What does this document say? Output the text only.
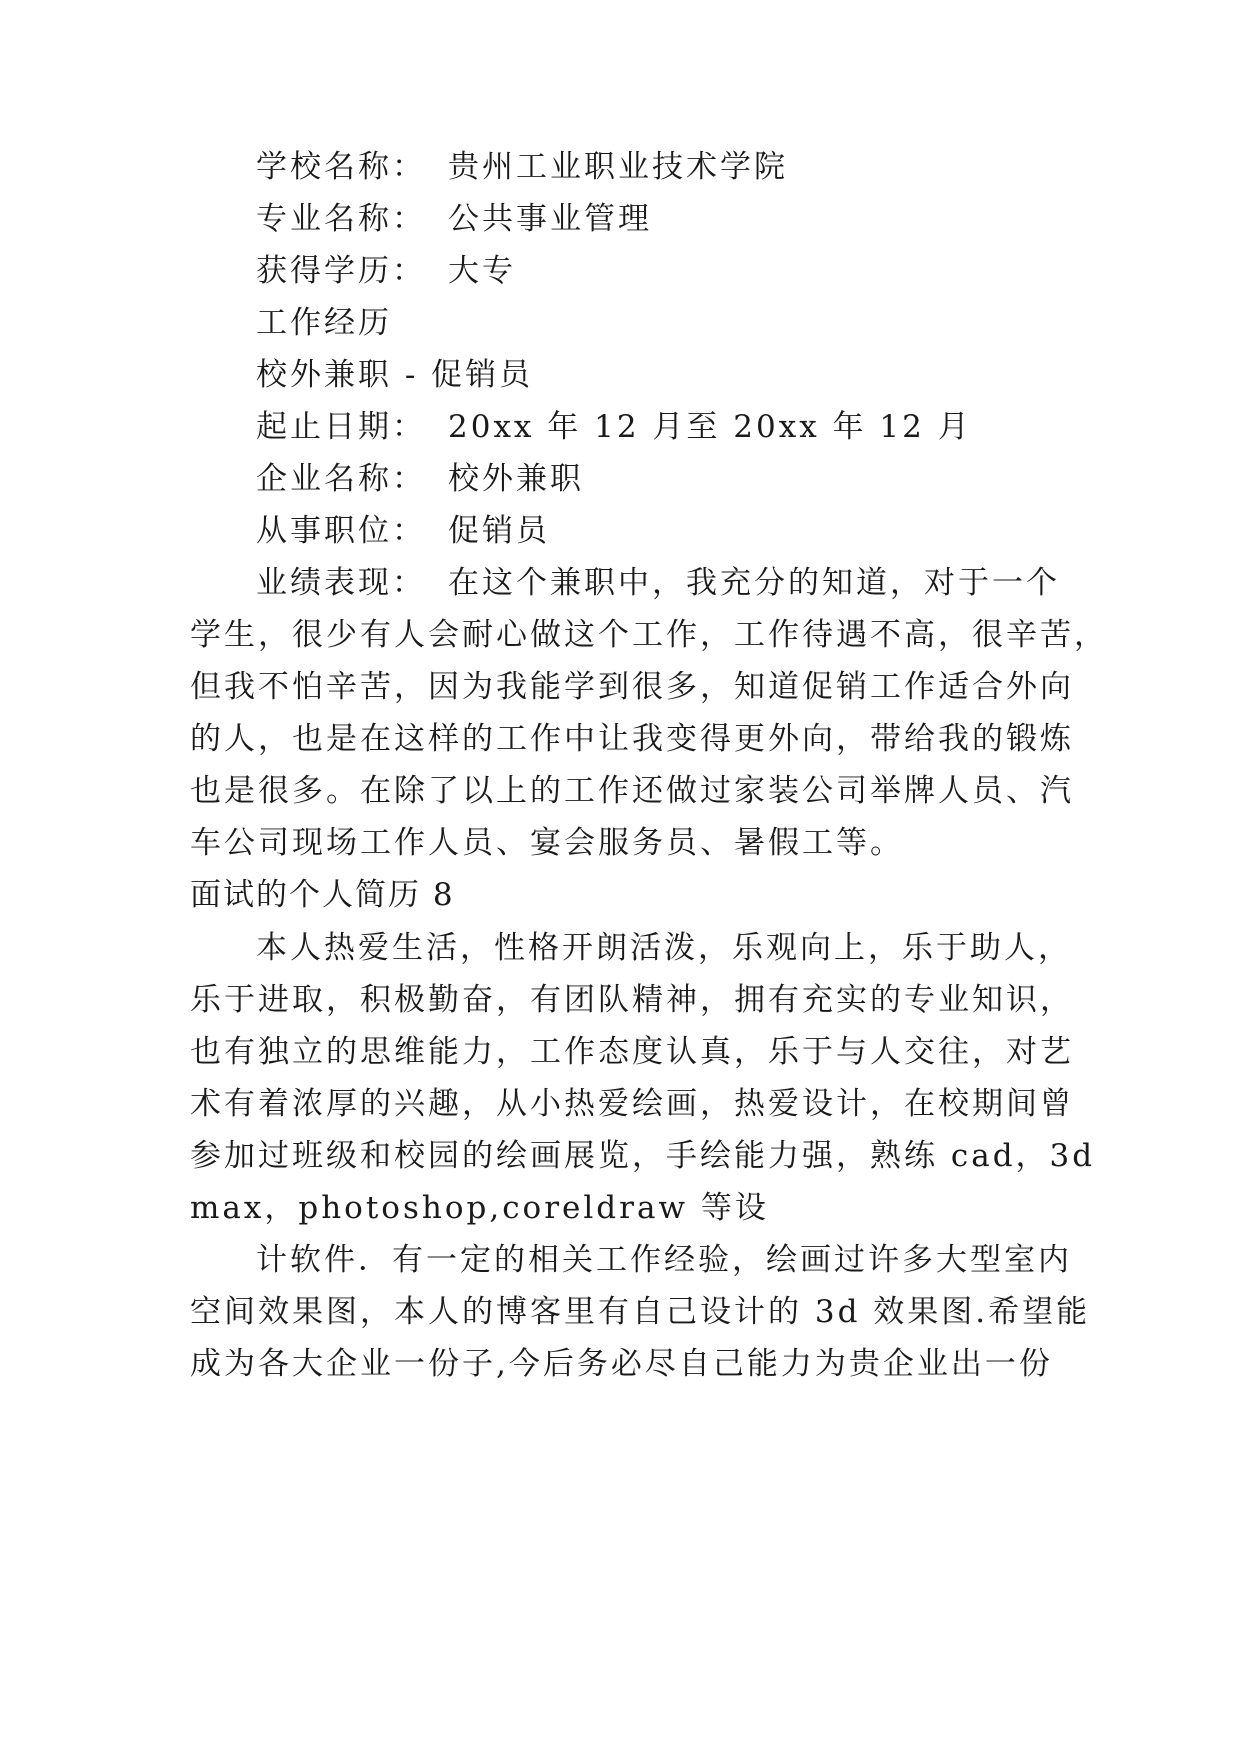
学校名称： 贵州工业职业技术学院
专业名称： 公共事业管理
获得学历： 大专
工作经历
校外兼职 - 促销员
起止日期： 20xx 年 12 月至 20xx 年 12 月
企业名称： 校外兼职
从事职位： 促销员
业绩表现： 在这个兼职中，我充分的知道，对于一个
学生，很少有人会耐心做这个工作，工作待遇不高，很辛苦，
但我不怕辛苦，因为我能学到很多，知道促销工作适合外向
的人，也是在这样的工作中让我变得更外向，带给我的锻炼
也是很多。在除了以上的工作还做过家装公司举牌人员、汽
车公司现场工作人员、宴会服务员、暑假工等。
面试的个人简历 8
本人热爱生活，性格开朗活泼，乐观向上，乐于助人，
乐于进取，积极勤奋，有团队精神，拥有充实的专业知识，
也有独立的思维能力，工作态度认真，乐于与人交往，对艺
术有着浓厚的兴趣，从小热爱绘画，热爱设计，在校期间曾
参加过班级和校园的绘画展览，手绘能力强，熟练 cad，3d
max，photoshop,coreldraw 等设
计软件．有一定的相关工作经验，绘画过许多大型室内
空间效果图，本人的博客里有自己设计的 3d 效果图.希望能
成为各大企业一份子,今后务必尽自己能力为贵企业出一份
